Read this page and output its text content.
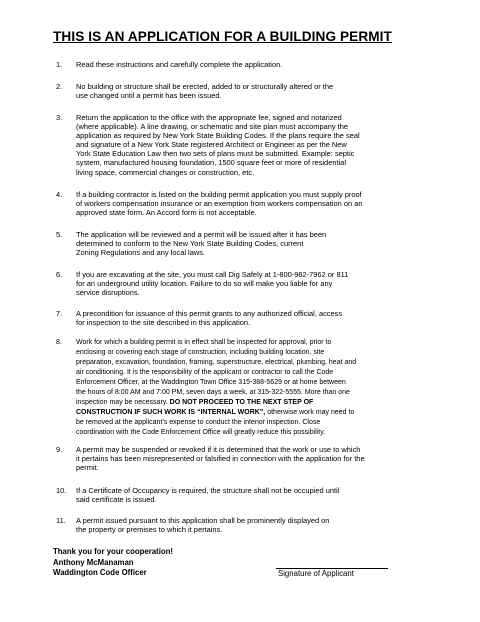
THIS IS AN APPLICATION FOR A BUILDING PERMIT
1.	Read these instructions and carefully complete the application.
2.	No building or structure shall be erected, added to or structurally altered or the
use changed until a permit has been issued.
3.	Return the application to the office with the appropriate fee, signed and notarized
(where applicable). A line drawing, or schematic and site plan must accompany the
application as required by New York State Building Codes. If the plans require the seal
and signature of a New York State registered Architect or Engineer as per the New
York State Education Law then two sets of plans must be submitted. Example: septic
system, manufactured housing foundation, 1500 square feet or more of residential
living space, commercial changes or construction, etc.
4.	If a building contractor is listed on the building permit application you must supply proof
of workers compensation insurance or an exemption from workers compensation on an
approved state form. An Accord form is not acceptable.
5.	The application will be reviewed and a permit will be issued after it has been
determined to conform to the New York State Building Codes, current
Zoning Regulations and any local laws.
6.	If you are excavating at the site, you must call Dig Safely at 1-800-962-7962 or 811
for an underground utility location. Failure to do so will make you liable for any
service disruptions.
7.	A precondition for issuance of this permit grants to any authorized official, access
for inspection to the site described in this application.
8.	Work for which a building permit is in effect shall be inspected for approval, prior to
enclosing or covering each stage of construction, including building location, site
preparation, excavation, foundation, framing, superstructure, electrical, plumbing, heat and
air conditioning. It is the responsibility of the applicant or contractor to call the Code
Enforcement Officer, at the Waddington Town Office 315-388-5629 or at home between
the hours of 8:00 AM and 7:00 PM, seven days a week, at 315-322-5555. More than one
inspection may be necessary. DO NOT PROCEED TO THE NEXT STEP OF
CONSTRUCTION IF SUCH WORK IS “INTERNAL WORK”, otherwise work may need to
be removed at the applicant’s expense to conduct the interior inspection. Close
coordination with the Code Enforcement Office will greatly reduce this possibility.
9.	A permit may be suspended or revoked if it is determined that the work or use to which
it pertains has been misrepresented or falsified in connection with the application for the
permit.
10.	If a Certificate of Occupancy is required, the structure shall not be occupied until
said certificate is issued.
11.	A permit issued pursuant to this application shall be prominently displayed on
the property or premises to which it pertains.
Thank you for your cooperation!
Anthony McManaman
Waddington Code Officer	Signature of Applicant
